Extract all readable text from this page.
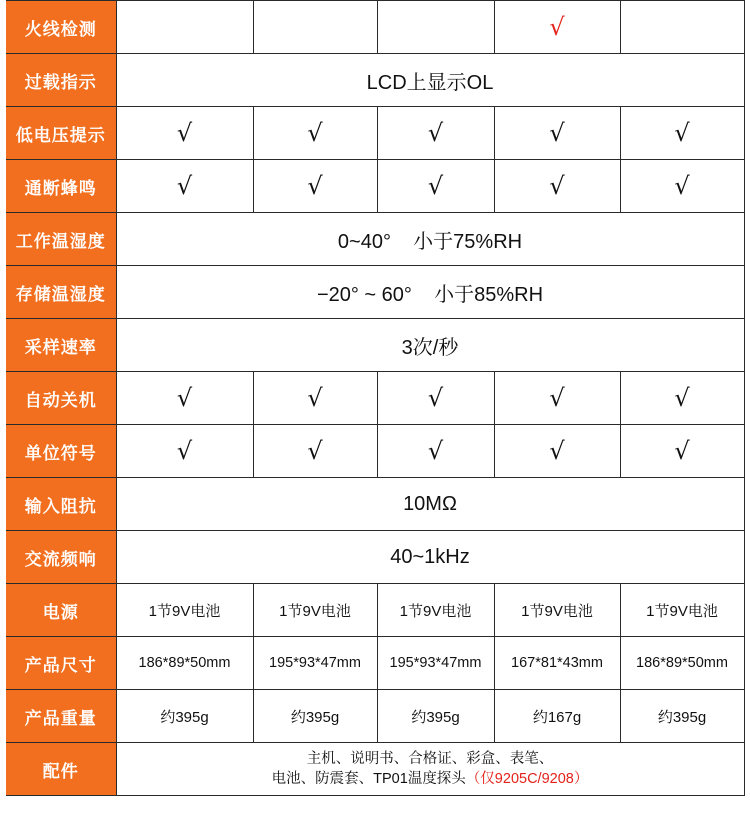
火线检测				√	
过载指示	LCD上显示OL				
低电压提示	√	√	√	√	√
通断蜂鸣	√	√	√	√	√
工作温湿度	0~40°    小于75%RH				
存储温湿度	−20° ~ 60°    小于85%RH				
采样速率	3次/秒				
自动关机	√	√	√	√	√
单位符号	√	√	√	√	√
输入阻抗	10MΩ				
交流频响	40~1kHz				
电源	1节9V电池	1节9V电池	1节9V电池	1节9V电池	1节9V电池
产品尺寸	186*89*50mm	195*93*47mm	195*93*47mm	167*81*43mm	186*89*50mm
产品重量	约395g	约395g	约395g	约167g	约395g
配件	主机、说明书、合格证、彩盒、表笔、
电池、防震套、TP01温度探头（仅9205C/9208）				
